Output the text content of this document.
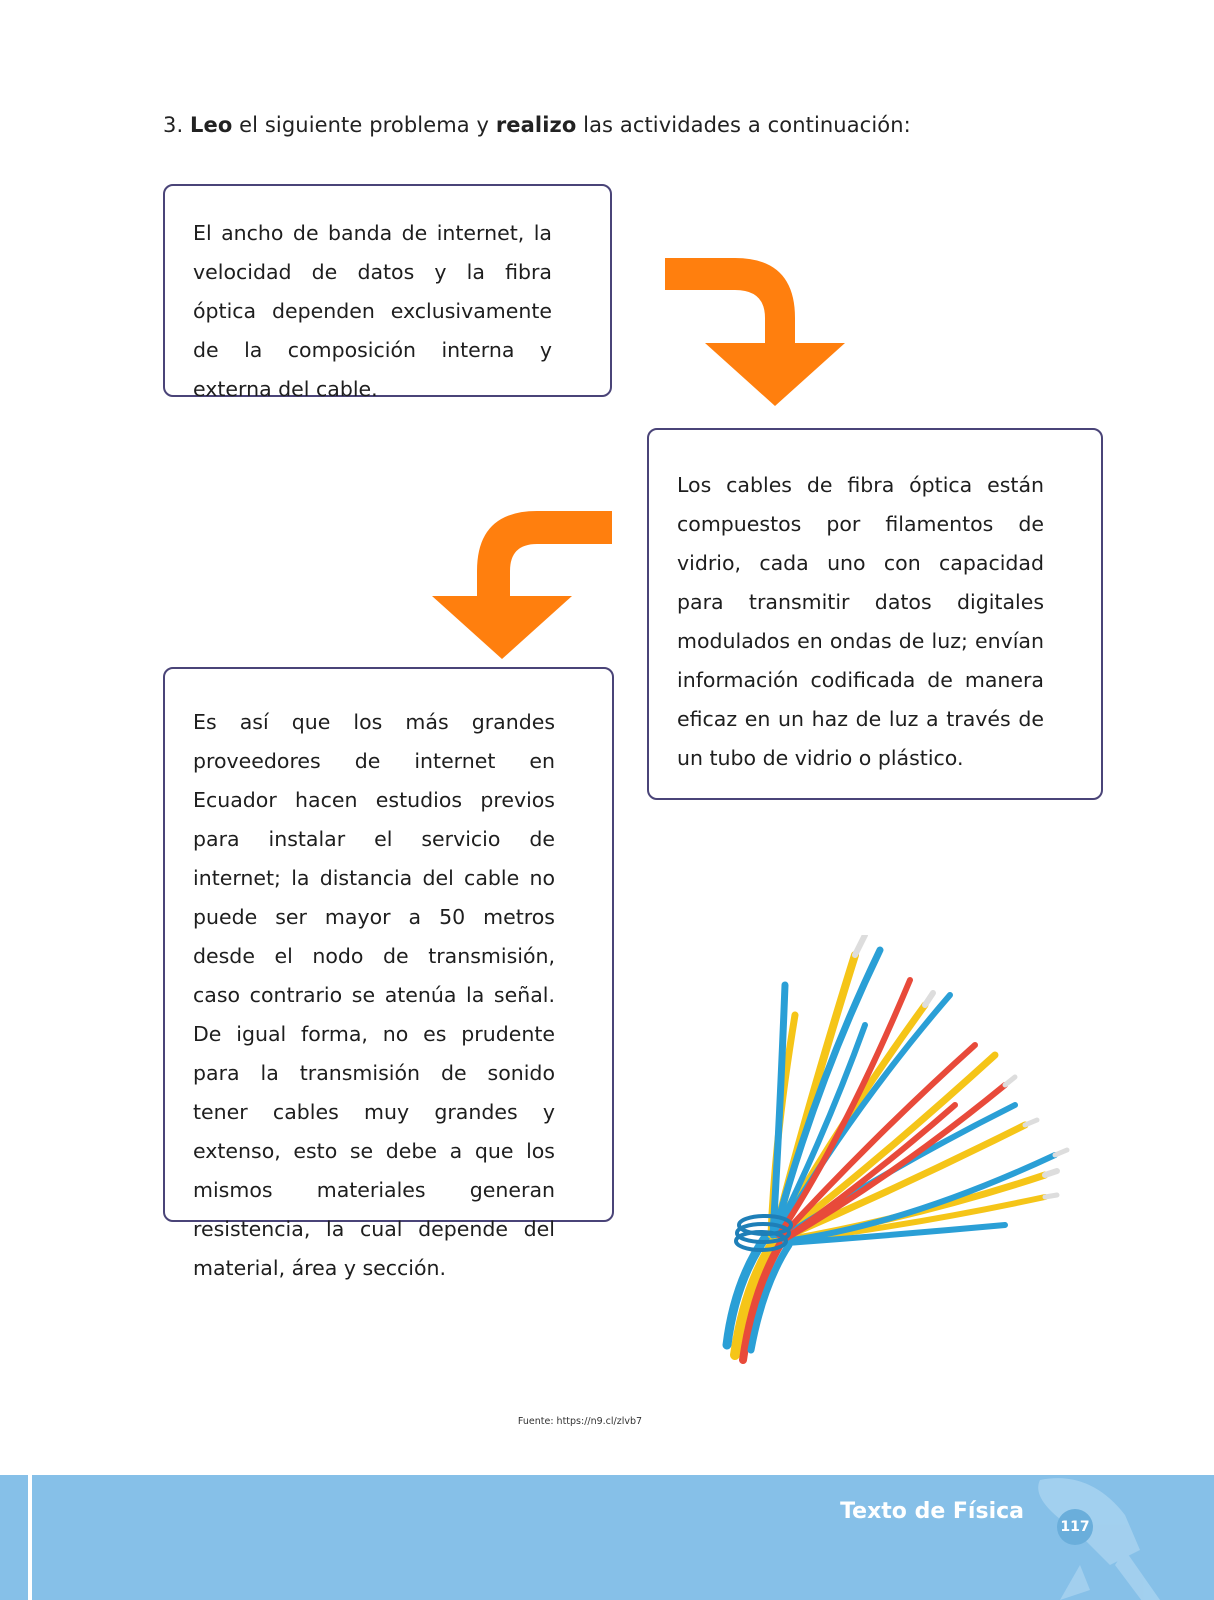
3. Leo el siguiente problema y realizo las actividades a continuación:

El ancho de banda de internet, la velocidad de datos y la fibra óptica dependen exclusivamente de la composición interna y externa del cable.

Los cables de fibra óptica están compuestos por filamentos de vidrio, cada uno con capacidad para transmitir datos digitales modulados en ondas de luz; envían información codificada de manera eficaz en un haz de luz a través de un tubo de vidrio o plástico.

Es así que los más grandes proveedores de internet en Ecuador hacen estudios previos para instalar el servicio de internet; la distancia del cable no puede ser mayor a 50 metros desde el nodo de transmisión, caso contrario se atenúa la señal. De igual forma, no es prudente para la transmisión de sonido tener cables muy grandes y extenso, esto se debe a que los mismos materiales generan resistencia, la cual depende del material, área y sección.

Fuente: https://n9.cl/zlvb7
Texto de Física
117
